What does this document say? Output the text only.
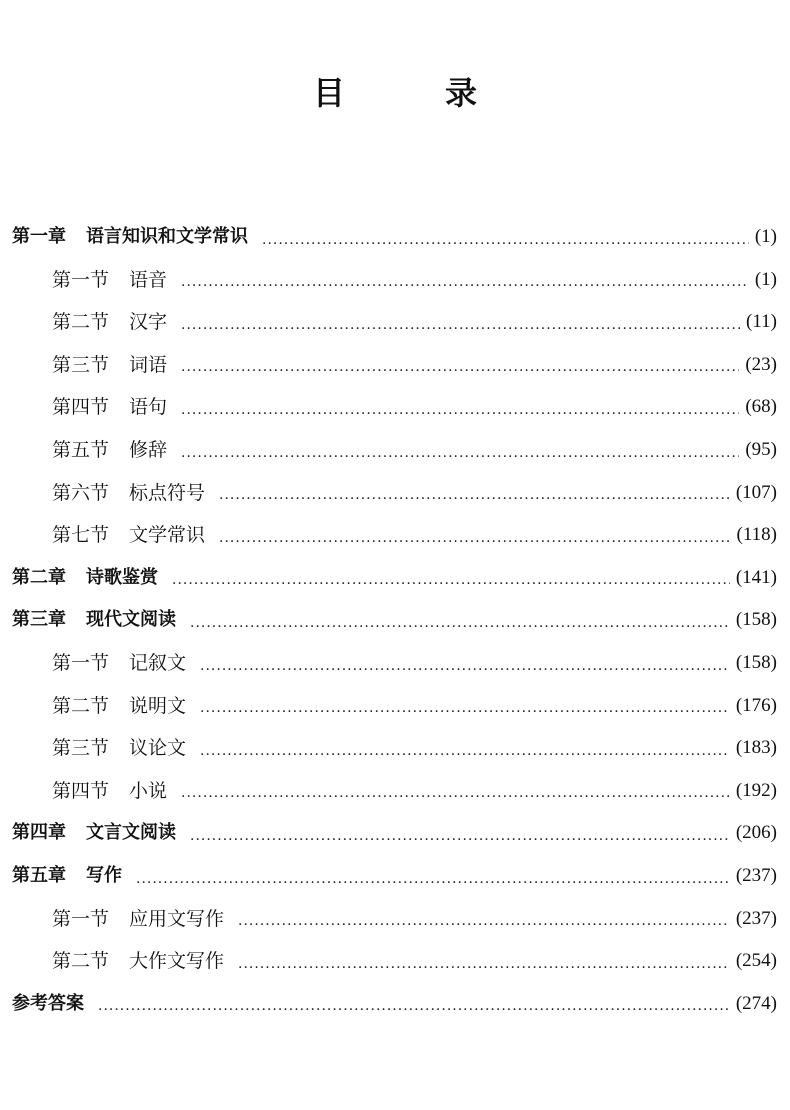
目　录
第一章 语言知识和文学常识 ·····	(1)
第一节 语音 ·····	(1)
第二节 汉字 ·····	(11)
第三节 词语 ·····	(23)
第四节 语句 ·····	(68)
第五节 修辞 ·····	(95)
第六节 标点符号 ·····	(107)
第七节 文学常识 ·····	(118)
第二章 诗歌鉴赏 ·····	(141)
第三章 现代文阅读 ·····	(158)
第一节 记叙文 ·····	(158)
第二节 说明文 ·····	(176)
第三节 议论文 ·····	(183)
第四节 小说 ·····	(192)
第四章 文言文阅读 ·····	(206)
第五章 写作 ·····	(237)
第一节 应用文写作 ·····	(237)
第二节 大作文写作 ·····	(254)
参考答案 ·····	(274)
